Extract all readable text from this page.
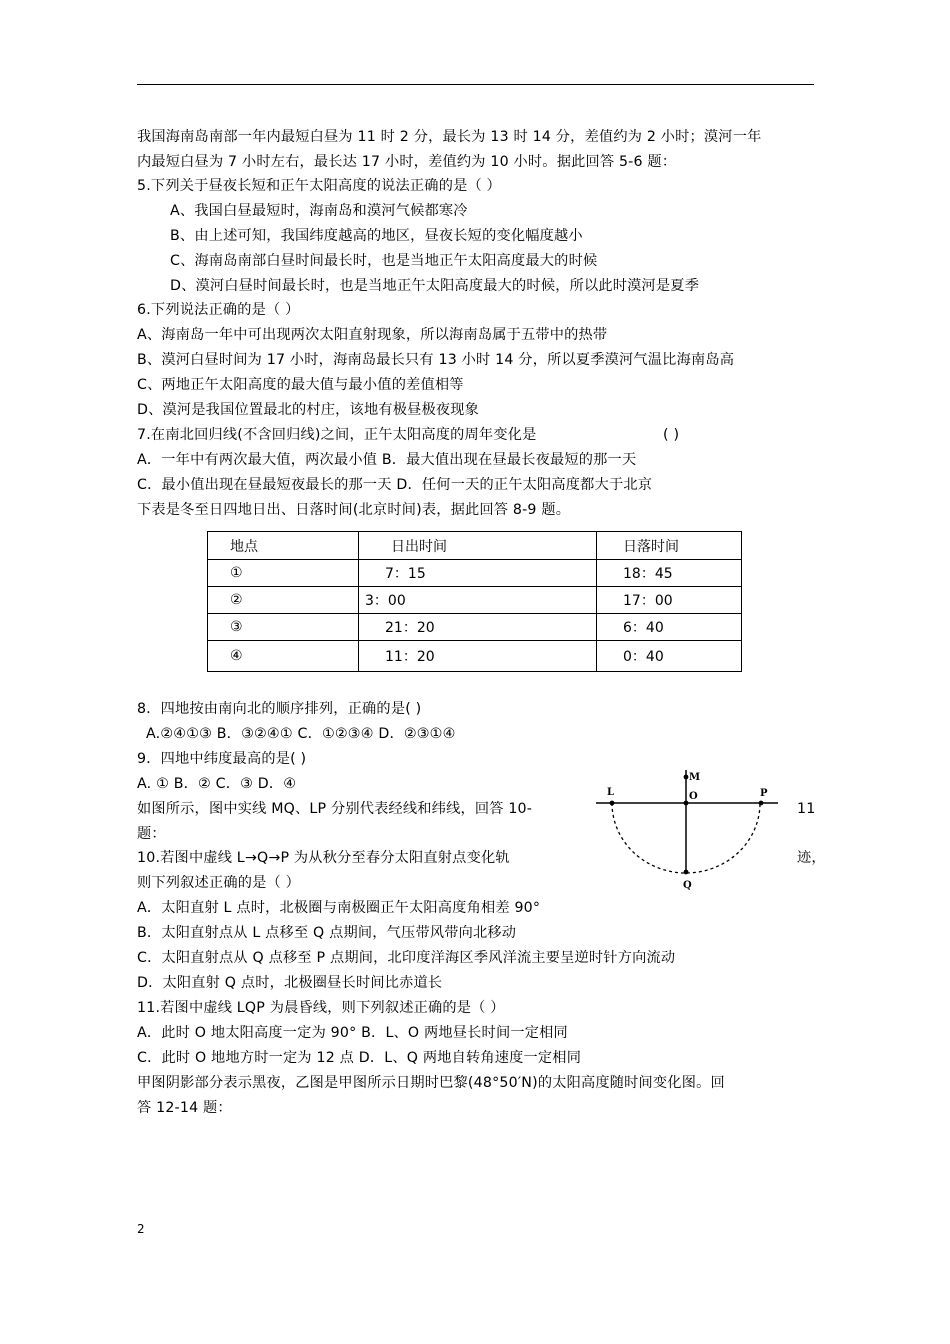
我国海南岛南部一年内最短白昼为 11 时 2 分，最长为 13 时 14 分，差值约为 2 小时；漠河一年
内最短白昼为 7 小时左右，最长达 17 小时，差值约为 10 小时。据此回答 5-6 题：
5.下列关于昼夜长短和正午太阳高度的说法正确的是（ ）
A、我国白昼最短时，海南岛和漠河气候都寒冷
B、由上述可知，我国纬度越高的地区，昼夜长短的变化幅度越小
C、海南岛南部白昼时间最长时，也是当地正午太阳高度最大的时候
D、漠河白昼时间最长时，也是当地正午太阳高度最大的时候，所以此时漠河是夏季
6.下列说法正确的是（ ）
A、海南岛一年中可出现两次太阳直射现象，所以海南岛属于五带中的热带
B、漠河白昼时间为 17 小时，海南岛最长只有 13 小时 14 分，所以夏季漠河气温比海南岛高
C、两地正午太阳高度的最大值与最小值的差值相等
D、漠河是我国位置最北的村庄，该地有极昼极夜现象
7.在南北回归线(不含回归线)之间，正午太阳高度的周年变化是	( )
A．一年中有两次最大值，两次最小值 B．最大值出现在昼最长夜最短的那一天
C．最小值出现在昼最短夜最长的那一天 D．任何一天的正午太阳高度都大于北京
下表是冬至日四地日出、日落时间(北京时间)表，据此回答 8-9 题。
地点	日出时间	日落时间
①	7：15	18：45
②	3：00	17：00
③	21：20	6：40
④	11：20	0：40
8．四地按由南向北的顺序排列，正确的是( )
A.②④①③ B．③②④① C．①②③④ D．②③①④
9．四地中纬度最高的是( )
A. ① B．② C．③ D．④
如图所示，图中实线 MQ、LP 分别代表经线和纬线，回答 10-	11
题：
M
L	O	P
Q
10.若图中虚线 L→Q→P 为从秋分至春分太阳直射点变化轨	迹，
则下列叙述正确的是（ ）
A．太阳直射 L 点时，北极圈与南极圈正午太阳高度角相差 90°
B．太阳直射点从 L 点移至 Q 点期间，气压带风带向北移动
C．太阳直射点从 Q 点移至 P 点期间，北印度洋海区季风洋流主要呈逆时针方向流动
D．太阳直射 Q 点时，北极圈昼长时间比赤道长
11.若图中虚线 LQP 为晨昏线，则下列叙述正确的是（ ）
A．此时 O 地太阳高度一定为 90° B．L、O 两地昼长时间一定相同
C．此时 O 地地方时一定为 12 点 D．L、Q 两地自转角速度一定相同
甲图阴影部分表示黑夜，乙图是甲图所示日期时巴黎(48°50′N)的太阳高度随时间变化图。回
答 12-14 题：
2
